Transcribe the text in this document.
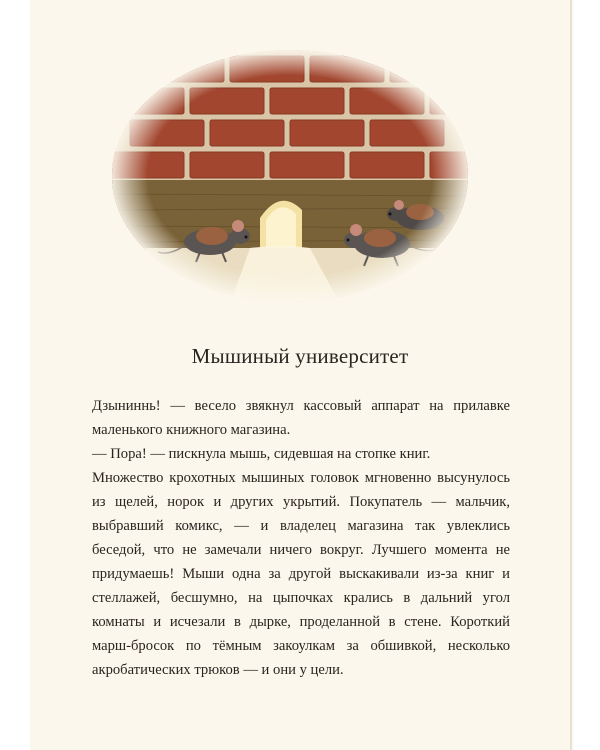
Мышиный университет

Дзыниннь! — весело звякнул кассовый аппарат на прилавке маленького книжного магазина.

— Пора! — пискнула мышь, сидевшая на стопке книг.

Множество крохотных мышиных головок мгновенно высунулось из щелей, норок и других укрытий. Покупатель — мальчик, выбравший комикс, — и владелец магазина так увлеклись беседой, что не замечали ничего вокруг. Лучшего момента не придумаешь! Мыши одна за другой выскакивали из-за книг и стеллажей, бесшумно, на цыпочках крались в дальний угол комнаты и исчезали в дырке, проделанной в стене. Короткий марш-бросок по тёмным закоулкам за обшивкой, несколько акробатических трюков — и они у цели.
